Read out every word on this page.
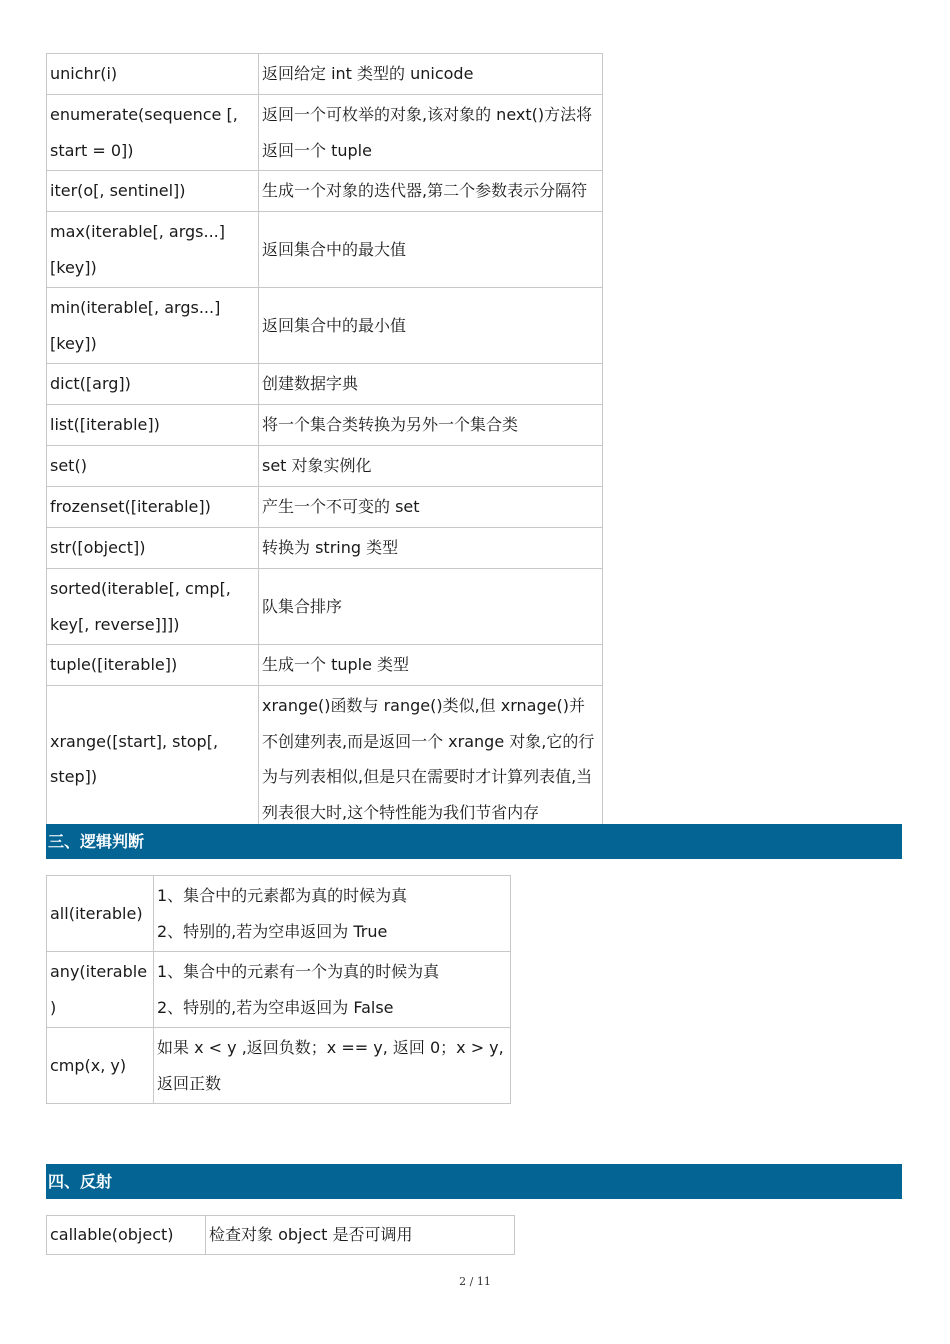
unichr(i)	返回给定 int 类型的 unicode
enumerate(sequence [, start = 0])	返回一个可枚举的对象,该对象的 next()方法将返回一个 tuple
iter(o[, sentinel])	生成一个对象的迭代器,第二个参数表示分隔符
max(iterable[, args...][key])	返回集合中的最大值
min(iterable[, args...][key])	返回集合中的最小值
dict([arg])	创建数据字典
list([iterable])	将一个集合类转换为另外一个集合类
set()	set 对象实例化
frozenset([iterable])	产生一个不可变的 set
str([object])	转换为 string 类型
sorted(iterable[, cmp[, key[, reverse]]])	队集合排序
tuple([iterable])	生成一个 tuple 类型
xrange([start], stop[, step])	xrange()函数与 range()类似,但 xrnage()并不创建列表,而是返回一个 xrange 对象,它的行为与列表相似,但是只在需要时才计算列表值,当列表很大时,这个特性能为我们节省内存
三、逻辑判断
all(iterable)	1、集合中的元素都为真的时候为真
2、特别的,若为空串返回为 True

any(iterable)	1、集合中的元素有一个为真的时候为真
2、特别的,若为空串返回为 False

cmp(x, y)	如果 x < y ,返回负数；x == y, 返回 0；x > y,返回正数
四、反射
callable(object)	检查对象 object 是否可调用
2 / 11
